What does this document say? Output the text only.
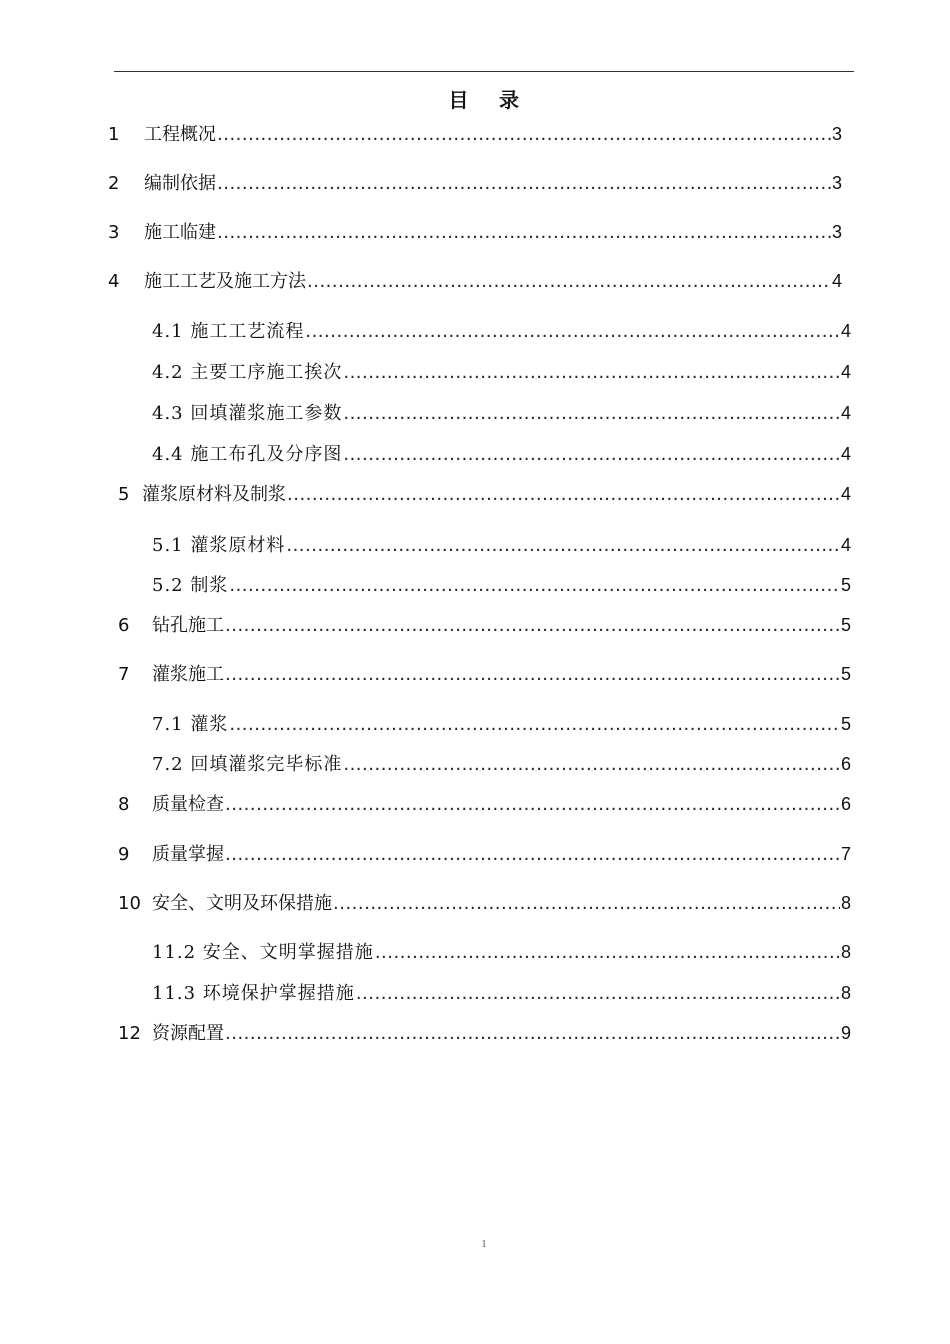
目 录
1	工程概况 .....	3
2	编制依据 .....	3
3	施工临建 .....	3
4	施工工艺及施工方法 .....	4
4.1 施工工艺流程 .....	4
4.2 主要工序施工挨次 .....	4
4.3 回填灌浆施工参数 .....	4
4.4 施工布孔及分序图 .....	4
5 灌浆原材料及制浆 .....	4
5.1 灌浆原材料 .....	4
5.2 制浆 .....	5
6	钻孔施工 .....	5
7	灌浆施工 .....	5
7.1 灌浆 .....	5
7.2 回填灌浆完毕标准 .....	6
8	质量检查 .....	6
9	质量掌握 .....	7
10 安全、文明及环保措施 .....	8
11.2 安全、文明掌握措施 .....	8
11.3 环境保护掌握措施 .....	8
12 资源配置 .....	9
1
